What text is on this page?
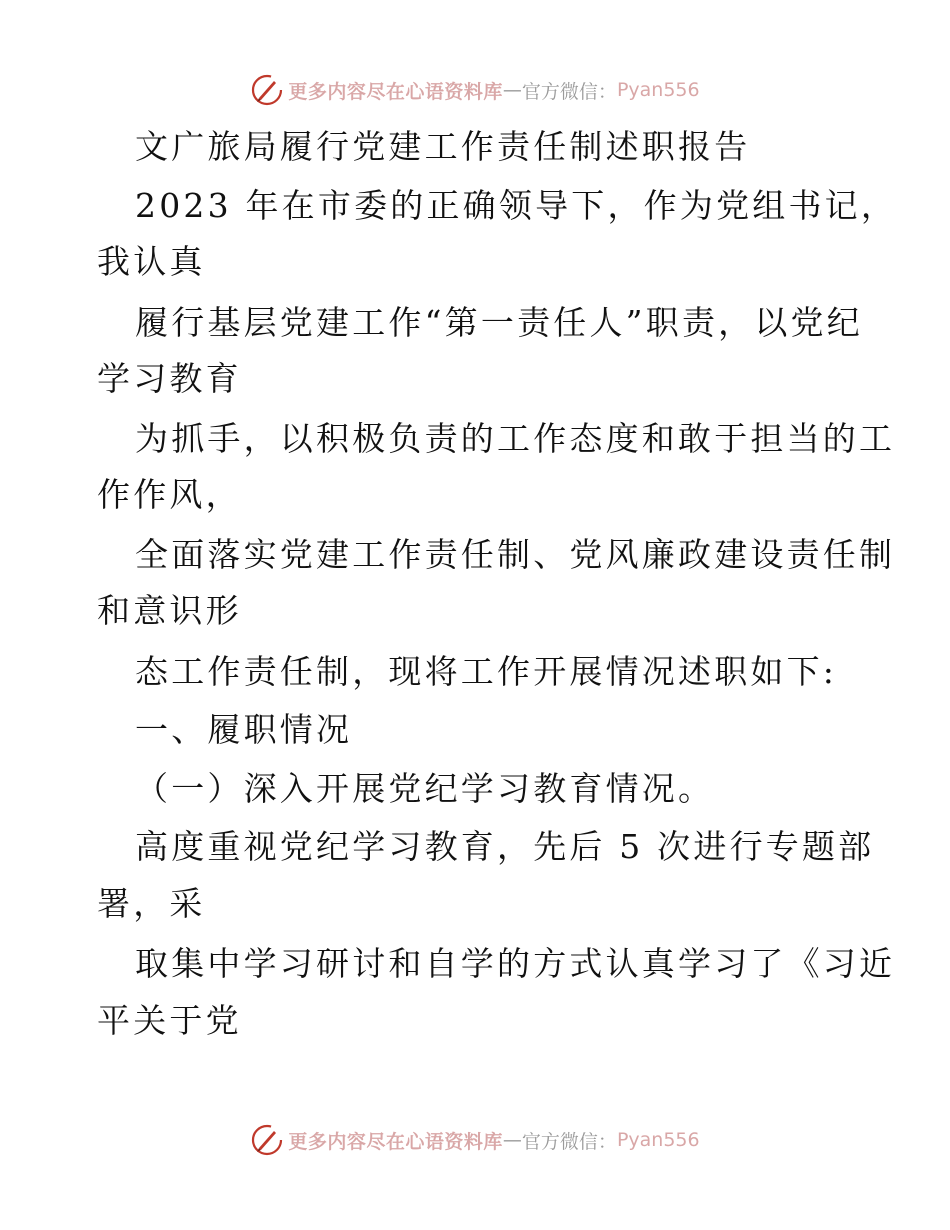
更多内容尽在心语资料库 — 官方微信： Pyan556
文广旅局履行党建工作责任制述职报告
2023 年在市委的正确领导下，作为党组书记，
我认真
履行基层党建工作“第一责任人”职责，以党纪
学习教育
为抓手，以积极负责的工作态度和敢于担当的工
作作风，
全面落实党建工作责任制、党风廉政建设责任制
和意识形
态工作责任制，现将工作开展情况述职如下:
一、履职情况
（一）深入开展党纪学习教育情况。
高度重视党纪学习教育，先后 5 次进行专题部
署，采
取集中学习研讨和自学的方式认真学习了《习近
平关于党
更多内容尽在心语资料库 — 官方微信： Pyan556
